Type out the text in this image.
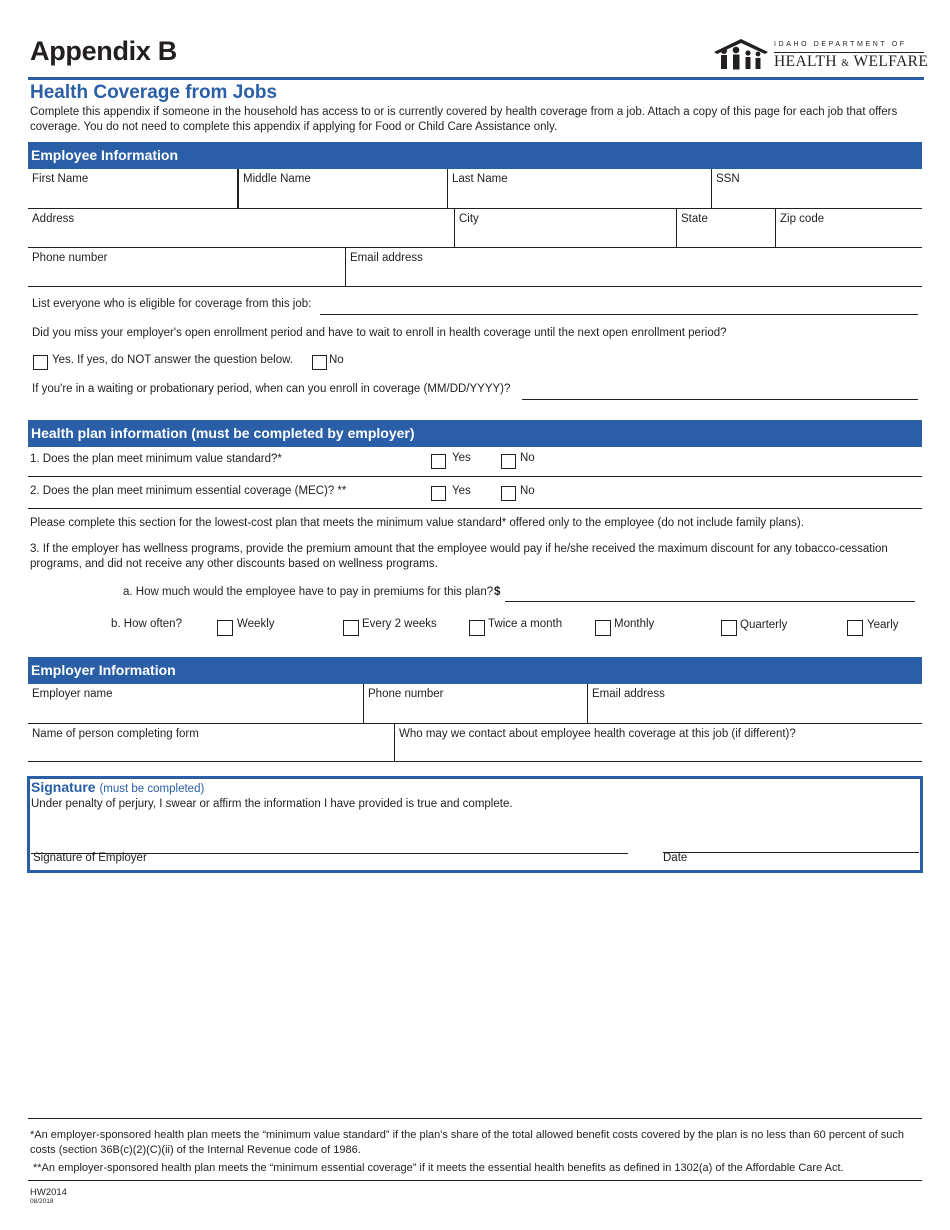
Appendix B	IDAHO DEPARTMENT OF
HEALTH & WELFARE
Health Coverage from Jobs
Complete this appendix if someone in the household has access to or is currently covered by health coverage from a job. Attach a copy of this page for each job that offers coverage. You do not need to complete this appendix if applying for Food or Child Care Assistance only.
Employee Information
First Name	Middle Name	Last Name	SSN
Address	City	State	Zip code
Phone number	Email address
List everyone who is eligible for coverage from this job:
Did you miss your employer's open enrollment period and have to wait to enroll in health coverage until the next open enrollment period?
Yes. If yes, do NOT answer the question below.	No
If you're in a waiting or probationary period, when can you enroll in coverage (MM/DD/YYYY)?
Health plan information (must be completed by employer)
1. Does the plan meet minimum value standard?*	Yes	No
2. Does the plan meet minimum essential coverage (MEC)? **	Yes	No
Please complete this section for the lowest-cost plan that meets the minimum value standard* offered only to the employee (do not include family plans).
3. If the employer has wellness programs, provide the premium amount that the employee would pay if he/she received the maximum discount for any tobacco-cessation programs, and did not receive any other discounts based on wellness programs.
a. How much would the employee have to pay in premiums for this plan? $
b. How often?	Weekly	Every 2 weeks	Twice a month	Monthly	Quarterly	Yearly
Employer Information
Employer name	Phone number	Email address
Name of person completing form	Who may we contact about employee health coverage at this job (if different)?
Signature (must be completed)
Under penalty of perjury, I swear or affirm the information I have provided is true and complete.
Signature of Employer	Date
*An employer-sponsored health plan meets the “minimum value standard” if the plan's share of the total allowed benefit costs covered by the plan is no less than 60 percent of such costs (section 36B(c)(2)(C)(ii) of the Internal Revenue code of 1986.
**An employer-sponsored health plan meets the “minimum essential coverage” if it meets the essential health benefits as defined in 1302(a) of the Affordable Care Act.
HW2014
08/2018
